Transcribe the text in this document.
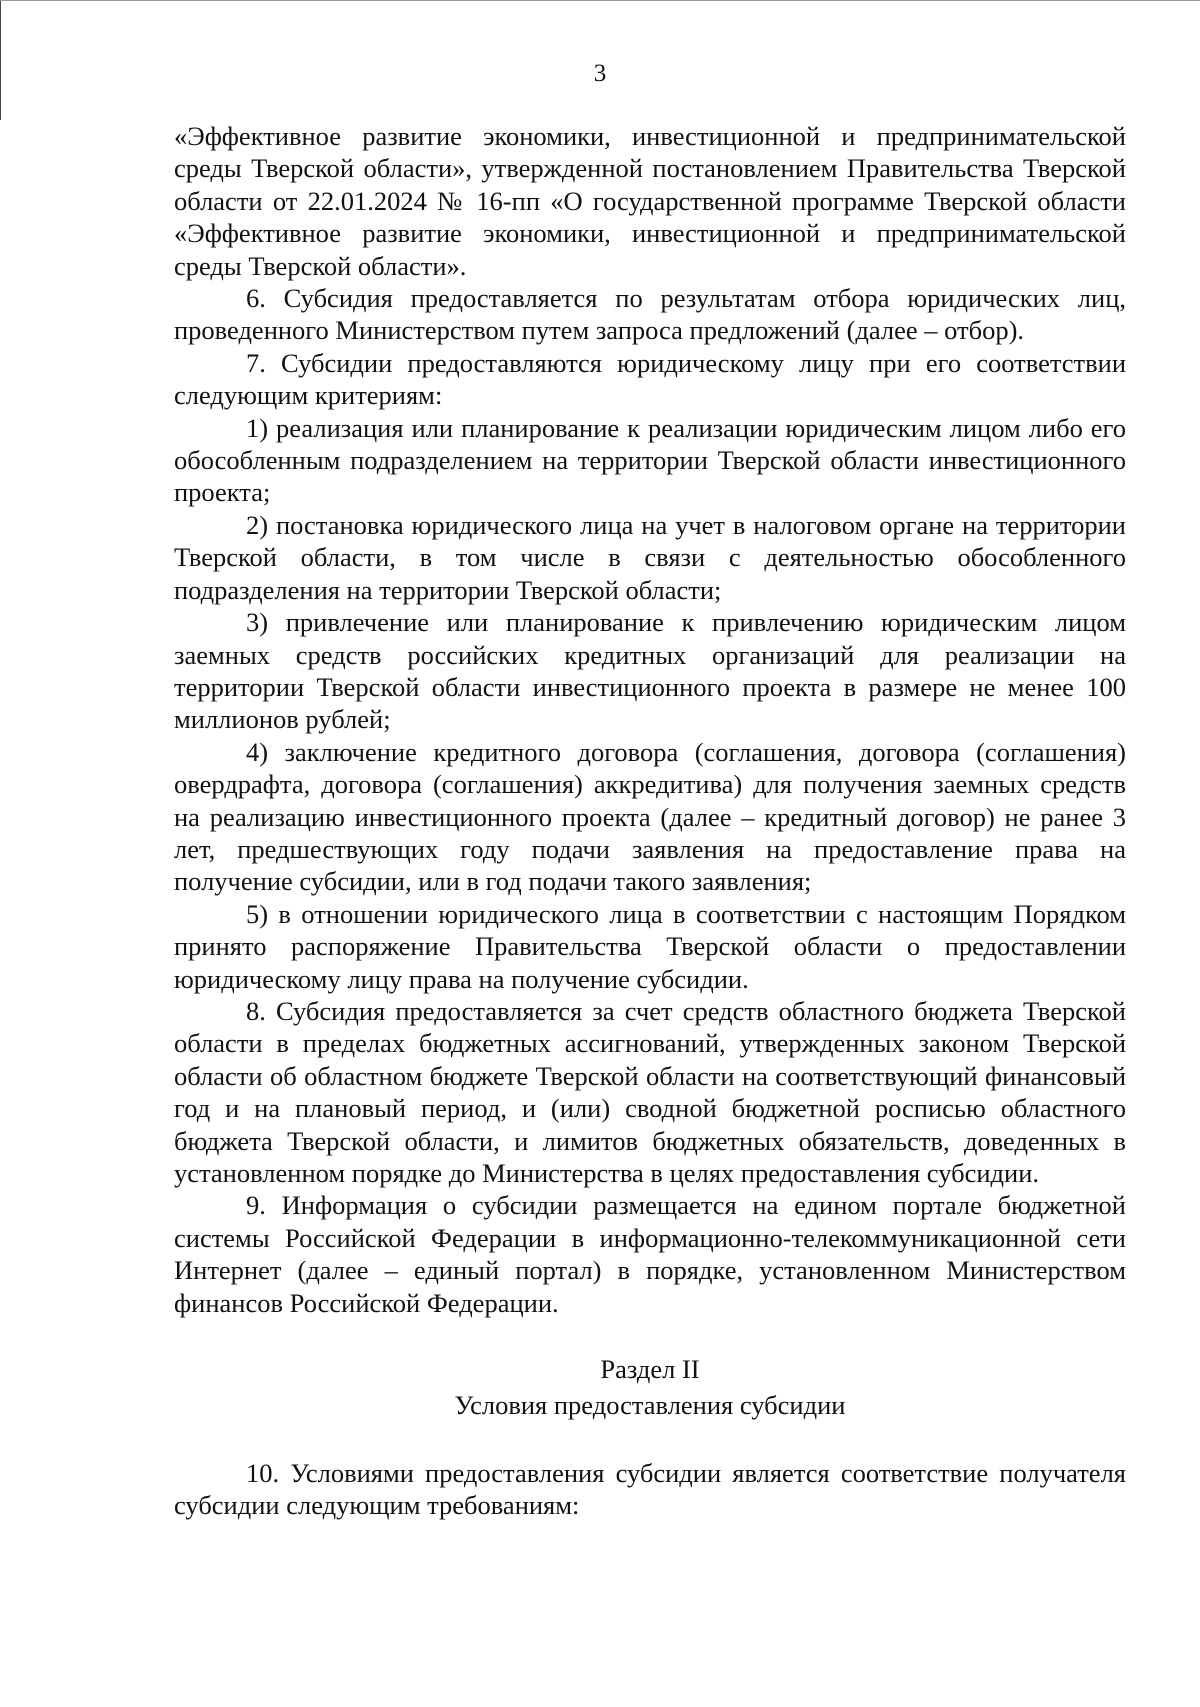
3

«Эффективное развитие экономики, инвестиционной и предпринимательской среды Тверской области», утвержденной постановлением Правительства Тверской области от 22.01.2024 № 16-пп «О государственной программе Тверской области «Эффективное развитие экономики, инвестиционной и предпринимательской среды Тверской области».

6. Субсидия предоставляется по результатам отбора юридических лиц, проведенного Министерством путем запроса предложений (далее – отбор).

7. Субсидии предоставляются юридическому лицу при его соответствии следующим критериям:

1) реализация или планирование к реализации юридическим лицом либо его обособленным подразделением на территории Тверской области инвестиционного проекта;

2) постановка юридического лица на учет в налоговом органе на территории Тверской области, в том числе в связи с деятельностью обособленного подразделения на территории Тверской области;

3) привлечение или планирование к привлечению юридическим лицом заемных средств российских кредитных организаций для реализации на территории Тверской области инвестиционного проекта в размере не менее 100 миллионов рублей;

4) заключение кредитного договора (соглашения, договора (соглашения) овердрафта, договора (соглашения) аккредитива) для получения заемных средств на реализацию инвестиционного проекта (далее – кредитный договор) не ранее 3 лет, предшествующих году подачи заявления на предоставление права на получение субсидии, или в год подачи такого заявления;

5) в отношении юридического лица в соответствии с настоящим Порядком принято распоряжение Правительства Тверской области о предоставлении юридическому лицу права на получение субсидии.

8. Субсидия предоставляется за счет средств областного бюджета Тверской области в пределах бюджетных ассигнований, утвержденных законом Тверской области об областном бюджете Тверской области на соответствующий финансовый год и на плановый период, и (или) сводной бюджетной росписью областного бюджета Тверской области, и лимитов бюджетных обязательств, доведенных в установленном порядке до Министерства в целях предоставления субсидии.

9. Информация о субсидии размещается на едином портале бюджетной системы Российской Федерации в информационно-телекоммуникационной сети Интернет (далее – единый портал) в порядке, установленном Министерством финансов Российской Федерации.

Раздел II
Условия предоставления субсидии

10. Условиями предоставления субсидии является соответствие получателя субсидии следующим требованиям:
